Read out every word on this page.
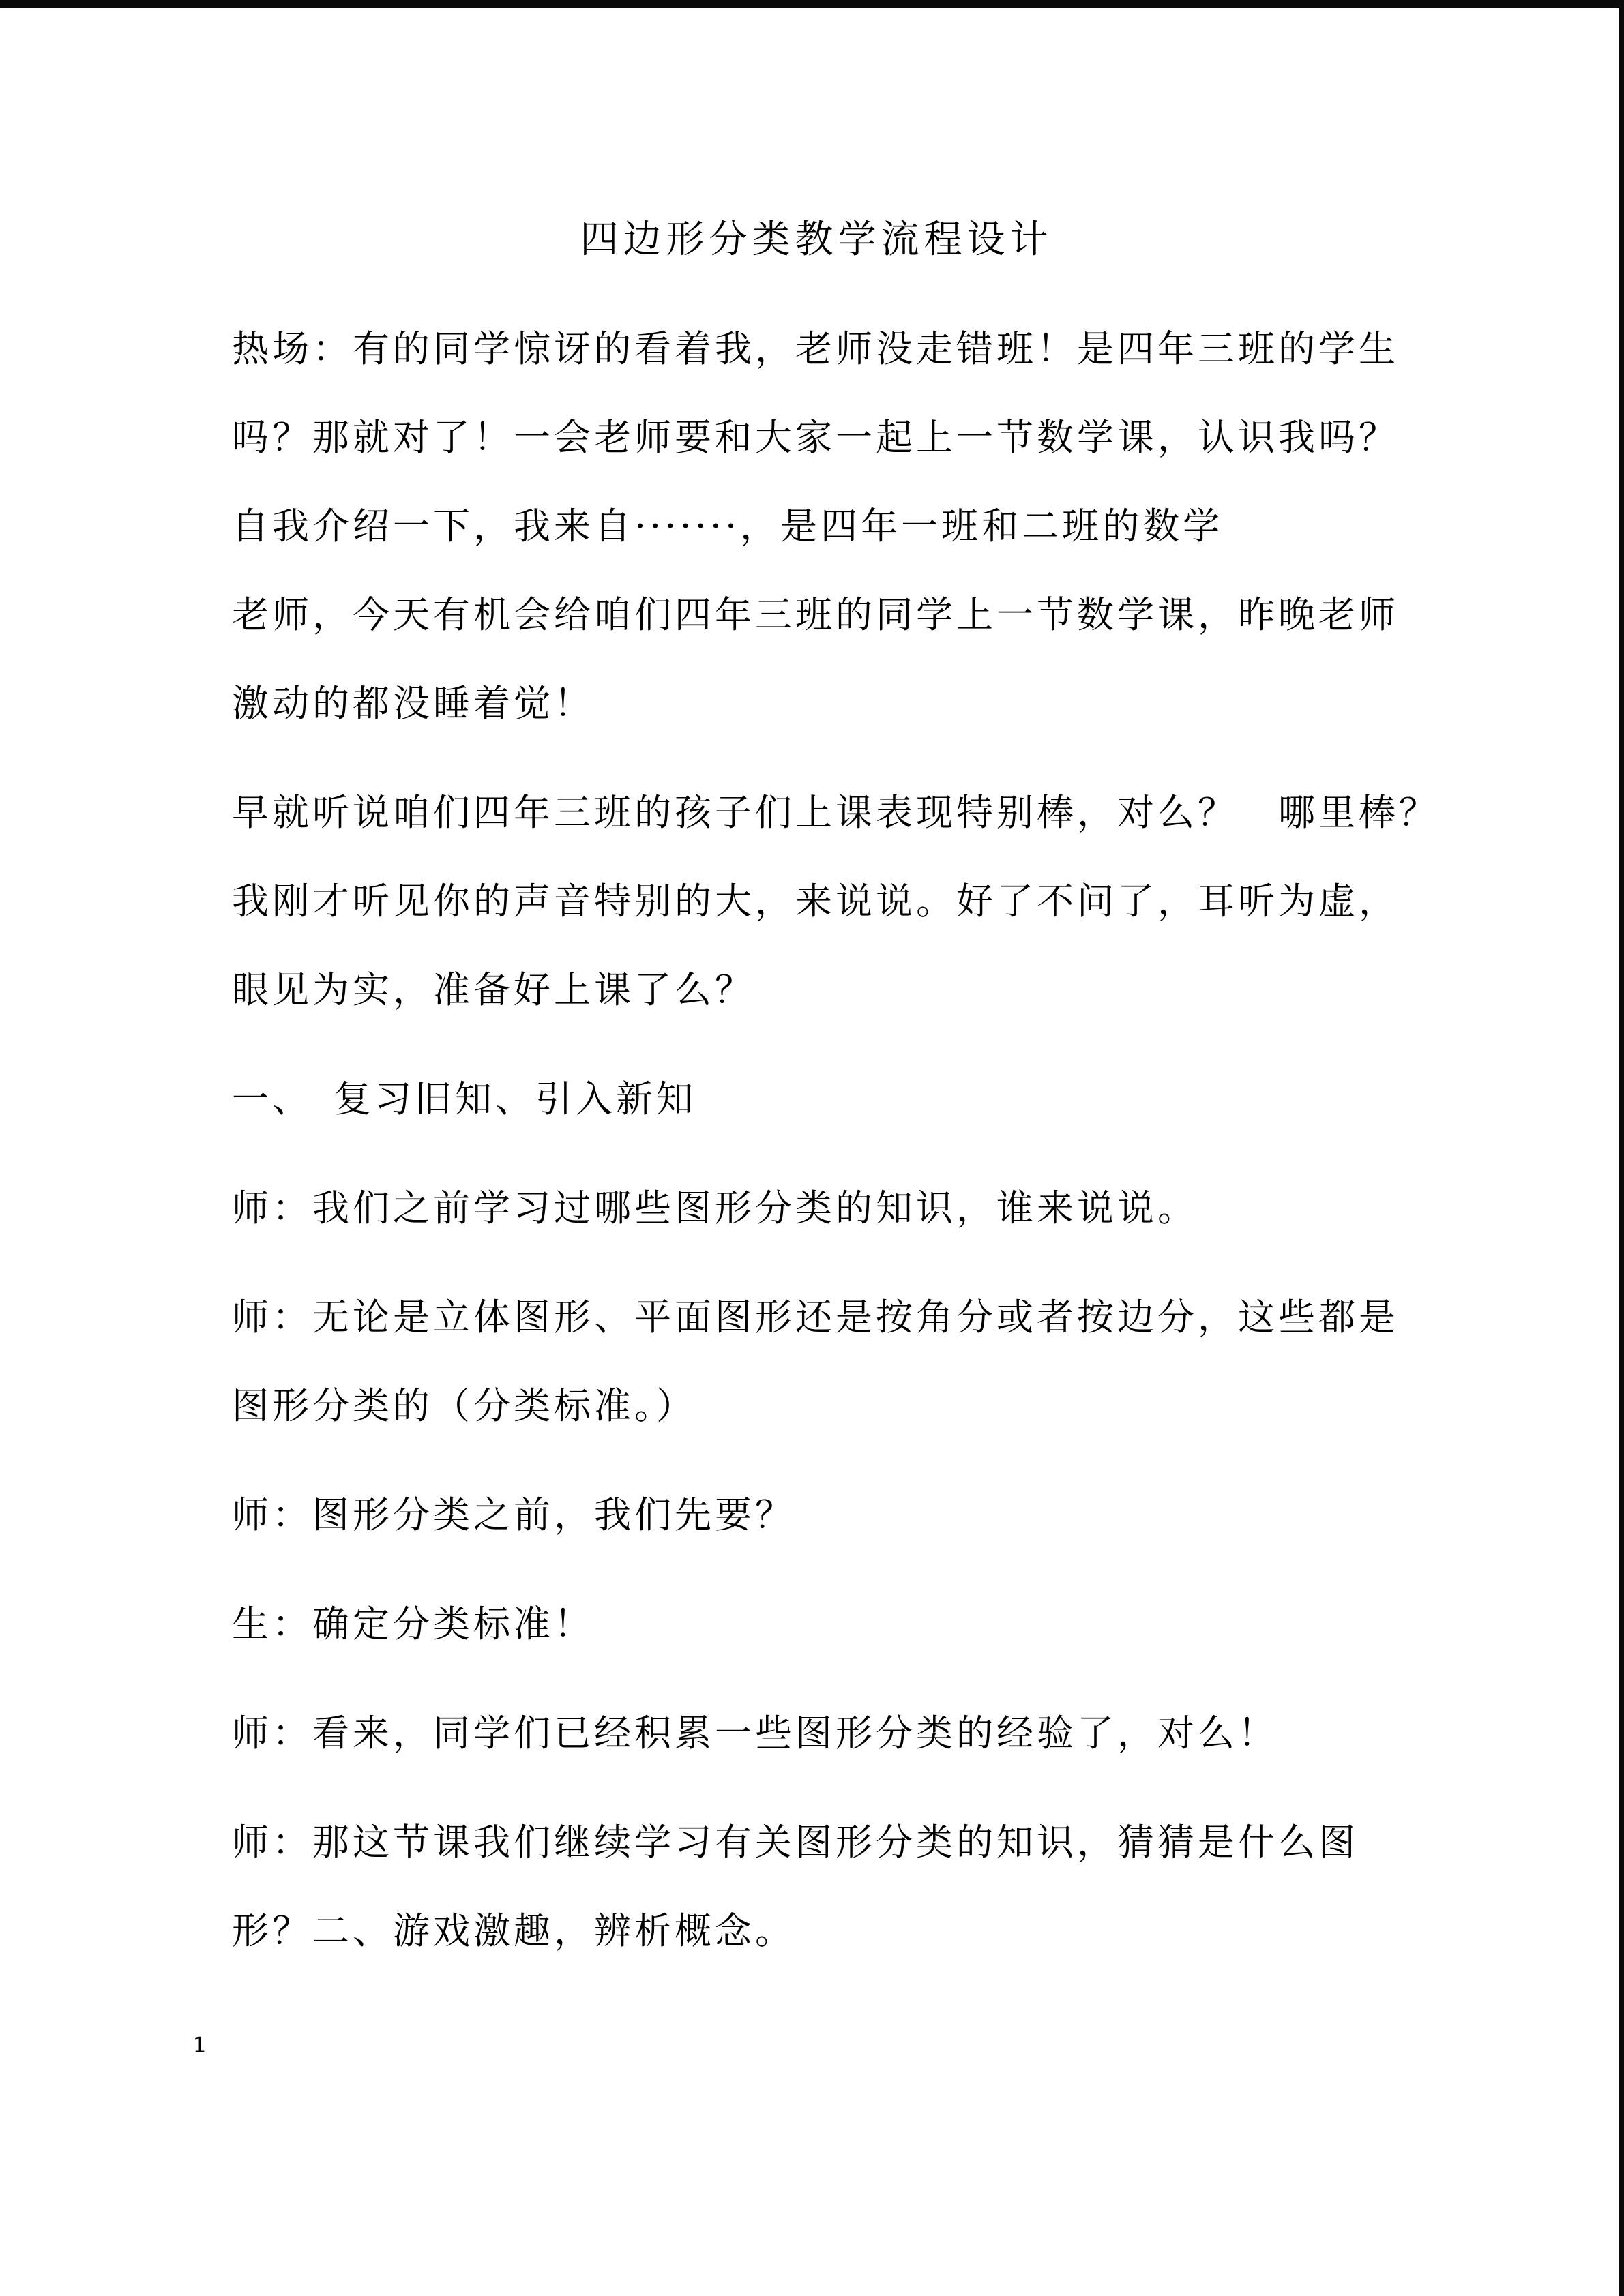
四边形分类教学流程设计
热场：有的同学惊讶的看着我，老师没走错班！是四年三班的学生
吗？那就对了！一会老师要和大家一起上一节数学课，认识我吗？
自我介绍一下，我来自·······，是四年一班和二班的数学
老师，今天有机会给咱们四年三班的同学上一节数学课，昨晚老师
激动的都没睡着觉！
早就听说咱们四年三班的孩子们上课表现特别棒，对么？　哪里棒？
我刚才听见你的声音特别的大，来说说。好了不问了，耳听为虚，
眼见为实，准备好上课了么？
一、　复习旧知、引入新知
师：我们之前学习过哪些图形分类的知识，谁来说说。
师：无论是立体图形、平面图形还是按角分或者按边分，这些都是
图形分类的（分类标准。）
师：图形分类之前，我们先要？
生：确定分类标准！
师：看来，同学们已经积累一些图形分类的经验了，对么！
师：那这节课我们继续学习有关图形分类的知识，猜猜是什么图
形？二、游戏激趣，辨析概念。
1
